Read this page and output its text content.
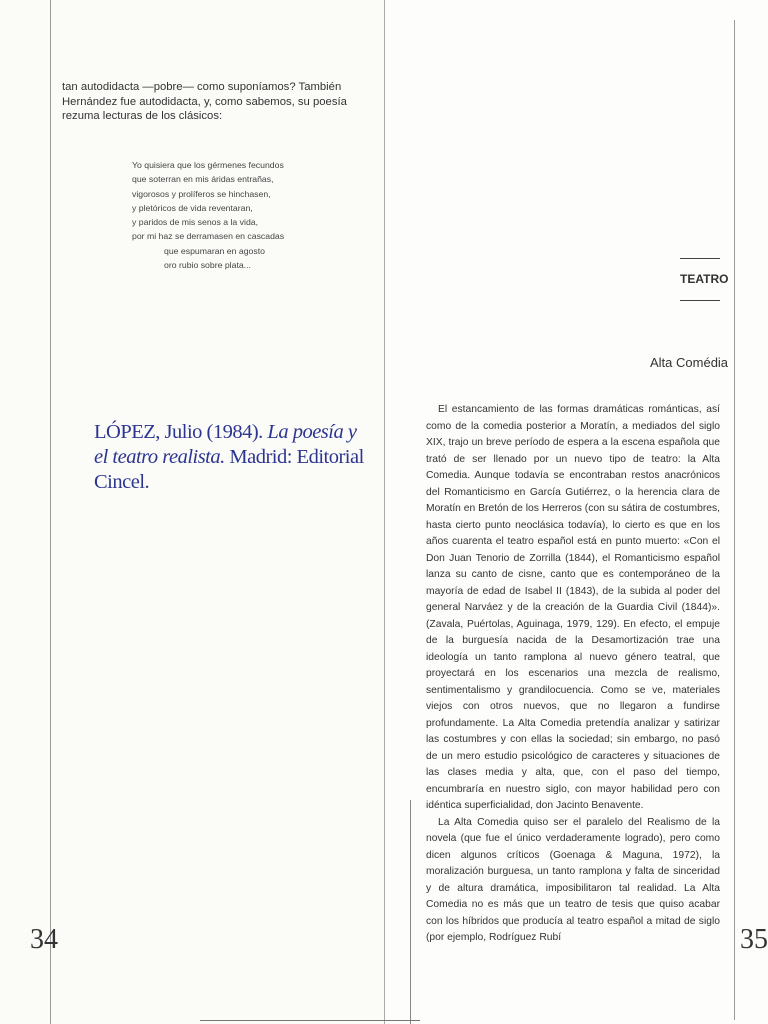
tan autodidacta —pobre— como suponíamos? También Hernández fue autodidacta, y, como sabemos, su poesía rezuma lecturas de los clásicos:
Yo quisiera que los gérmenes fecundos
que soterran en mis áridas entrañas,
vigorosos y prolíferos se hinchasen,
y pletóricos de vida reventaran,
y paridos de mis senos a la vida,
por mi haz se derramasen en cascadas
que espumaran en agosto
oro rubio sobre plata...
LÓPEZ, Julio (1984). La poesía y el teatro realista. Madrid: Editorial Cincel.
34
TEATRO
Alta Comédia

El estancamiento de las formas dramáticas románticas, así como de la comedia posterior a Moratín, a mediados del siglo XIX, trajo un breve período de espera a la escena española que trató de ser llenado por un nuevo tipo de teatro: la Alta Comedia. Aunque todavía se encontraban restos anacrónicos del Romanticismo en García Gutiérrez, o la herencia clara de Moratín en Bretón de los Herreros (con su sátira de costumbres, hasta cierto punto neoclásica todavía), lo cierto es que en los años cuarenta el teatro español está en punto muerto: «Con el Don Juan Tenorio de Zorrilla (1844), el Romanticismo español lanza su canto de cisne, canto que es contemporáneo de la mayoría de edad de Isabel II (1843), de la subida al poder del general Narváez y de la creación de la Guardia Civil (1844)». (Zavala, Puértolas, Aguinaga, 1979, 129). En efecto, el empuje de la burguesía nacida de la Desamortización trae una ideología un tanto ramplona al nuevo género teatral, que proyectará en los escenarios una mezcla de realismo, sentimentalismo y grandilocuencia. Como se ve, materiales viejos con otros nuevos, que no llegaron a fundirse profundamente. La Alta Comedia pretendía analizar y satirizar las costumbres y con ellas la sociedad; sin embargo, no pasó de un mero estudio psicológico de caracteres y situaciones de las clases media y alta, que, con el paso del tiempo, encumbraría en nuestro siglo, con mayor habilidad pero con idéntica superficialidad, don Jacinto Benavente.

La Alta Comedia quiso ser el paralelo del Realismo de la novela (que fue el único verdaderamente logrado), pero como dicen algunos críticos (Goenaga & Maguna, 1972), la moralización burguesa, un tanto ramplona y falta de sinceridad y de altura dramática, imposibilitaron tal realidad. La Alta Comedia no es más que un teatro de tesis que quiso acabar con los híbridos que producía al teatro español a mitad de siglo (por ejemplo, Rodríguez Rubí	35
